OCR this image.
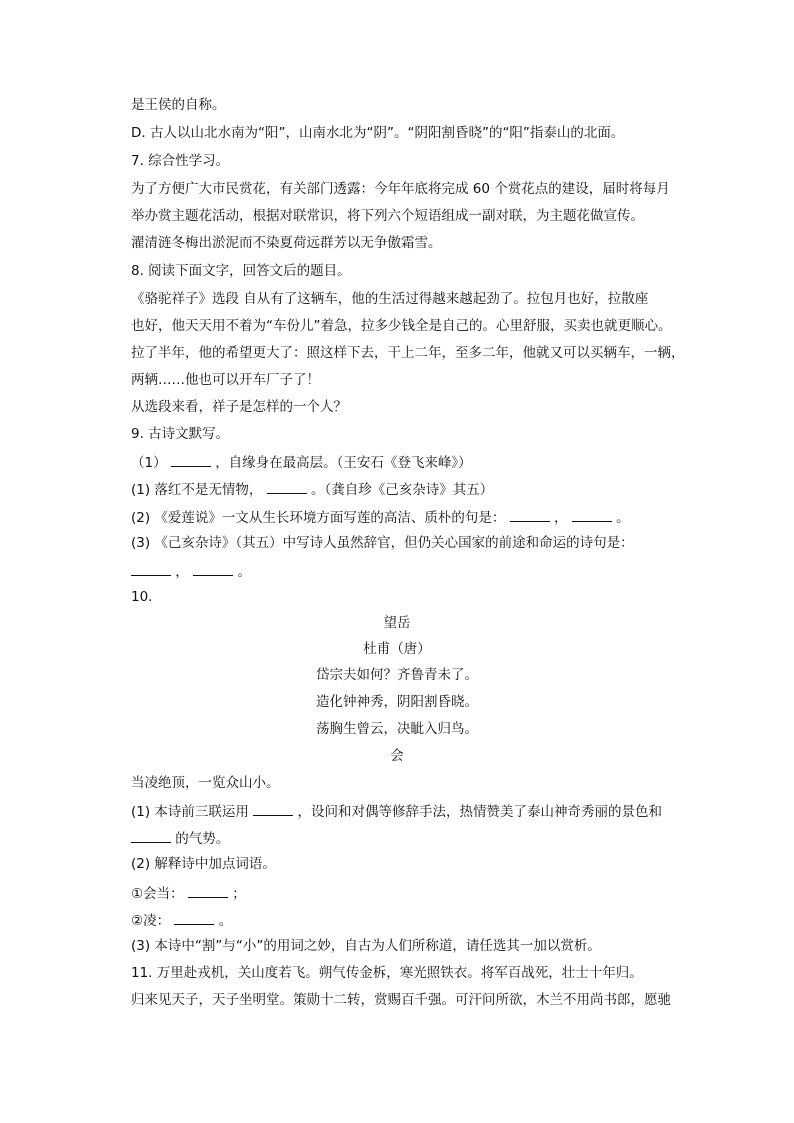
是王侯的自称。
D. 古人以山北水南为“阳”，山南水北为“阴”。“阴阳割昏晓”的“阳”指泰山的北面。
7. 综合性学习。
为了方便广大市民赏花，有关部门透露：今年年底将完成 60 个赏花点的建设，届时将每月
举办赏主题花活动，根据对联常识，将下列六个短语组成一副对联，为主题花做宣传。
濯清涟冬梅出淤泥而不染夏荷远群芳以无争傲霜雪。
8. 阅读下面文字，回答文后的题目。
《骆驼祥子》选段 自从有了这辆车，他的生活过得越来越起劲了。拉包月也好，拉散座
也好，他天天用不着为“车份儿”着急，拉多少钱全是自己的。心里舒服，买卖也就更顺心。
拉了半年，他的希望更大了：照这样下去，干上二年，至多二年，他就又可以买辆车，一辆，
两辆……他也可以开车厂子了！
从选段来看，祥子是怎样的一个人？
9. 古诗文默写。
（1）	，自缘身在最高层。（王安石《登飞来峰》）
(1) 落红不是无情物，	。（龚自珍《己亥杂诗》其五）
(2) 《爱莲说》一文从生长环境方面写莲的高洁、质朴的句是：	，	。
(3) 《己亥杂诗》（其五）中写诗人虽然辞官，但仍关心国家的前途和命运的诗句是：
，	。
10.
望岳
杜甫（唐）
岱宗夫如何？齐鲁青未了。
造化钟神秀，阴阳割昏晓。
荡胸生曾云，决眦入归鸟。
会
当凌绝顶，一览众山小。
(1) 本诗前三联运用	，设问和对偶等修辞手法，热情赞美了泰山神奇秀丽的景色和
的气势。
(2) 解释诗中加点词语。
①会当：	；
②凌：	。
(3) 本诗中“割”与“小”的用词之妙，自古为人们所称道，请任选其一加以赏析。
11. 万里赴戎机，关山度若飞。朔气传金柝，寒光照铁衣。将军百战死，壮士十年归。
归来见天子，天子坐明堂。策勋十二转，赏赐百千强。可汗问所欲，木兰不用尚书郎，愿驰
